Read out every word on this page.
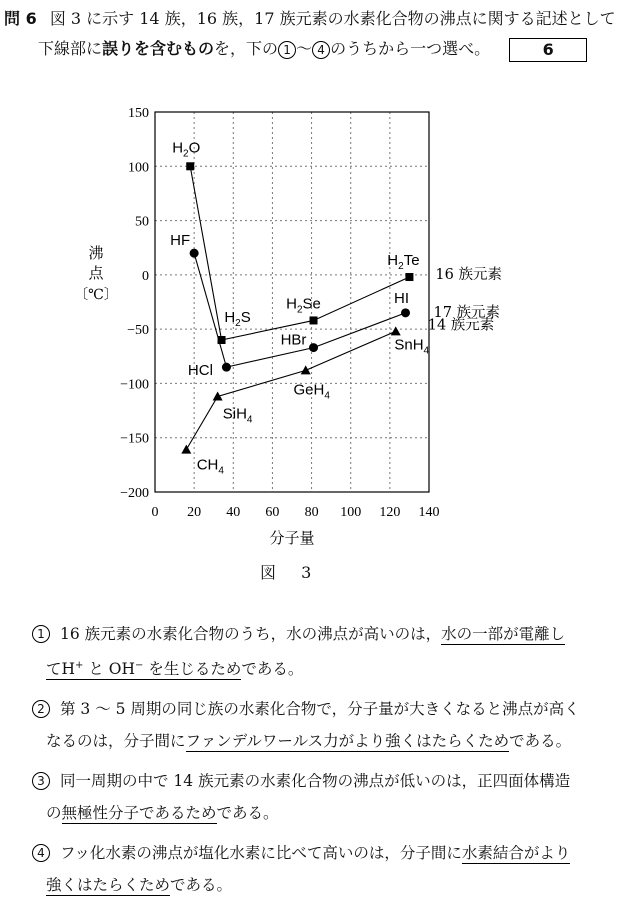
問 6 図 3 に示す 14 族，16 族，17 族元素の水素化合物の沸点に関する記述として
下線部に誤りを含むものを，下の 1 〜 4 のうちから一つ選べ。	6
150
100
50
0
−50
−100
−150
−200
0 20 40 60 80 100 120 140
$H_2O$
$H_2S$
$H_2Se$
$H_2Te$
16 族元素
HF
HCl
HBr
HI
17 族元素
$CH_4$
SiH$_4$
GeH$_4$
SnH$_4$
14 族元素
沸
点
〔℃〕
分子量
図 3
1 16 族元素の水素化合物のうち，水の沸点が高いのは，水の一部が電離し
てH+ と OH− を生じるためである。
2 第 3 〜 5 周期の同じ族の水素化合物で，分子量が大きくなると沸点が高く
なるのは，分子間にファンデルワールス力がより強くはたらくためである。
3 同一周期の中で 14 族元素の水素化合物の沸点が低いのは，正四面体構造
の無極性分子であるためである。
4 フッ化水素の沸点が塩化水素に比べて高いのは，分子間に水素結合がより
強くはたらくためである。
